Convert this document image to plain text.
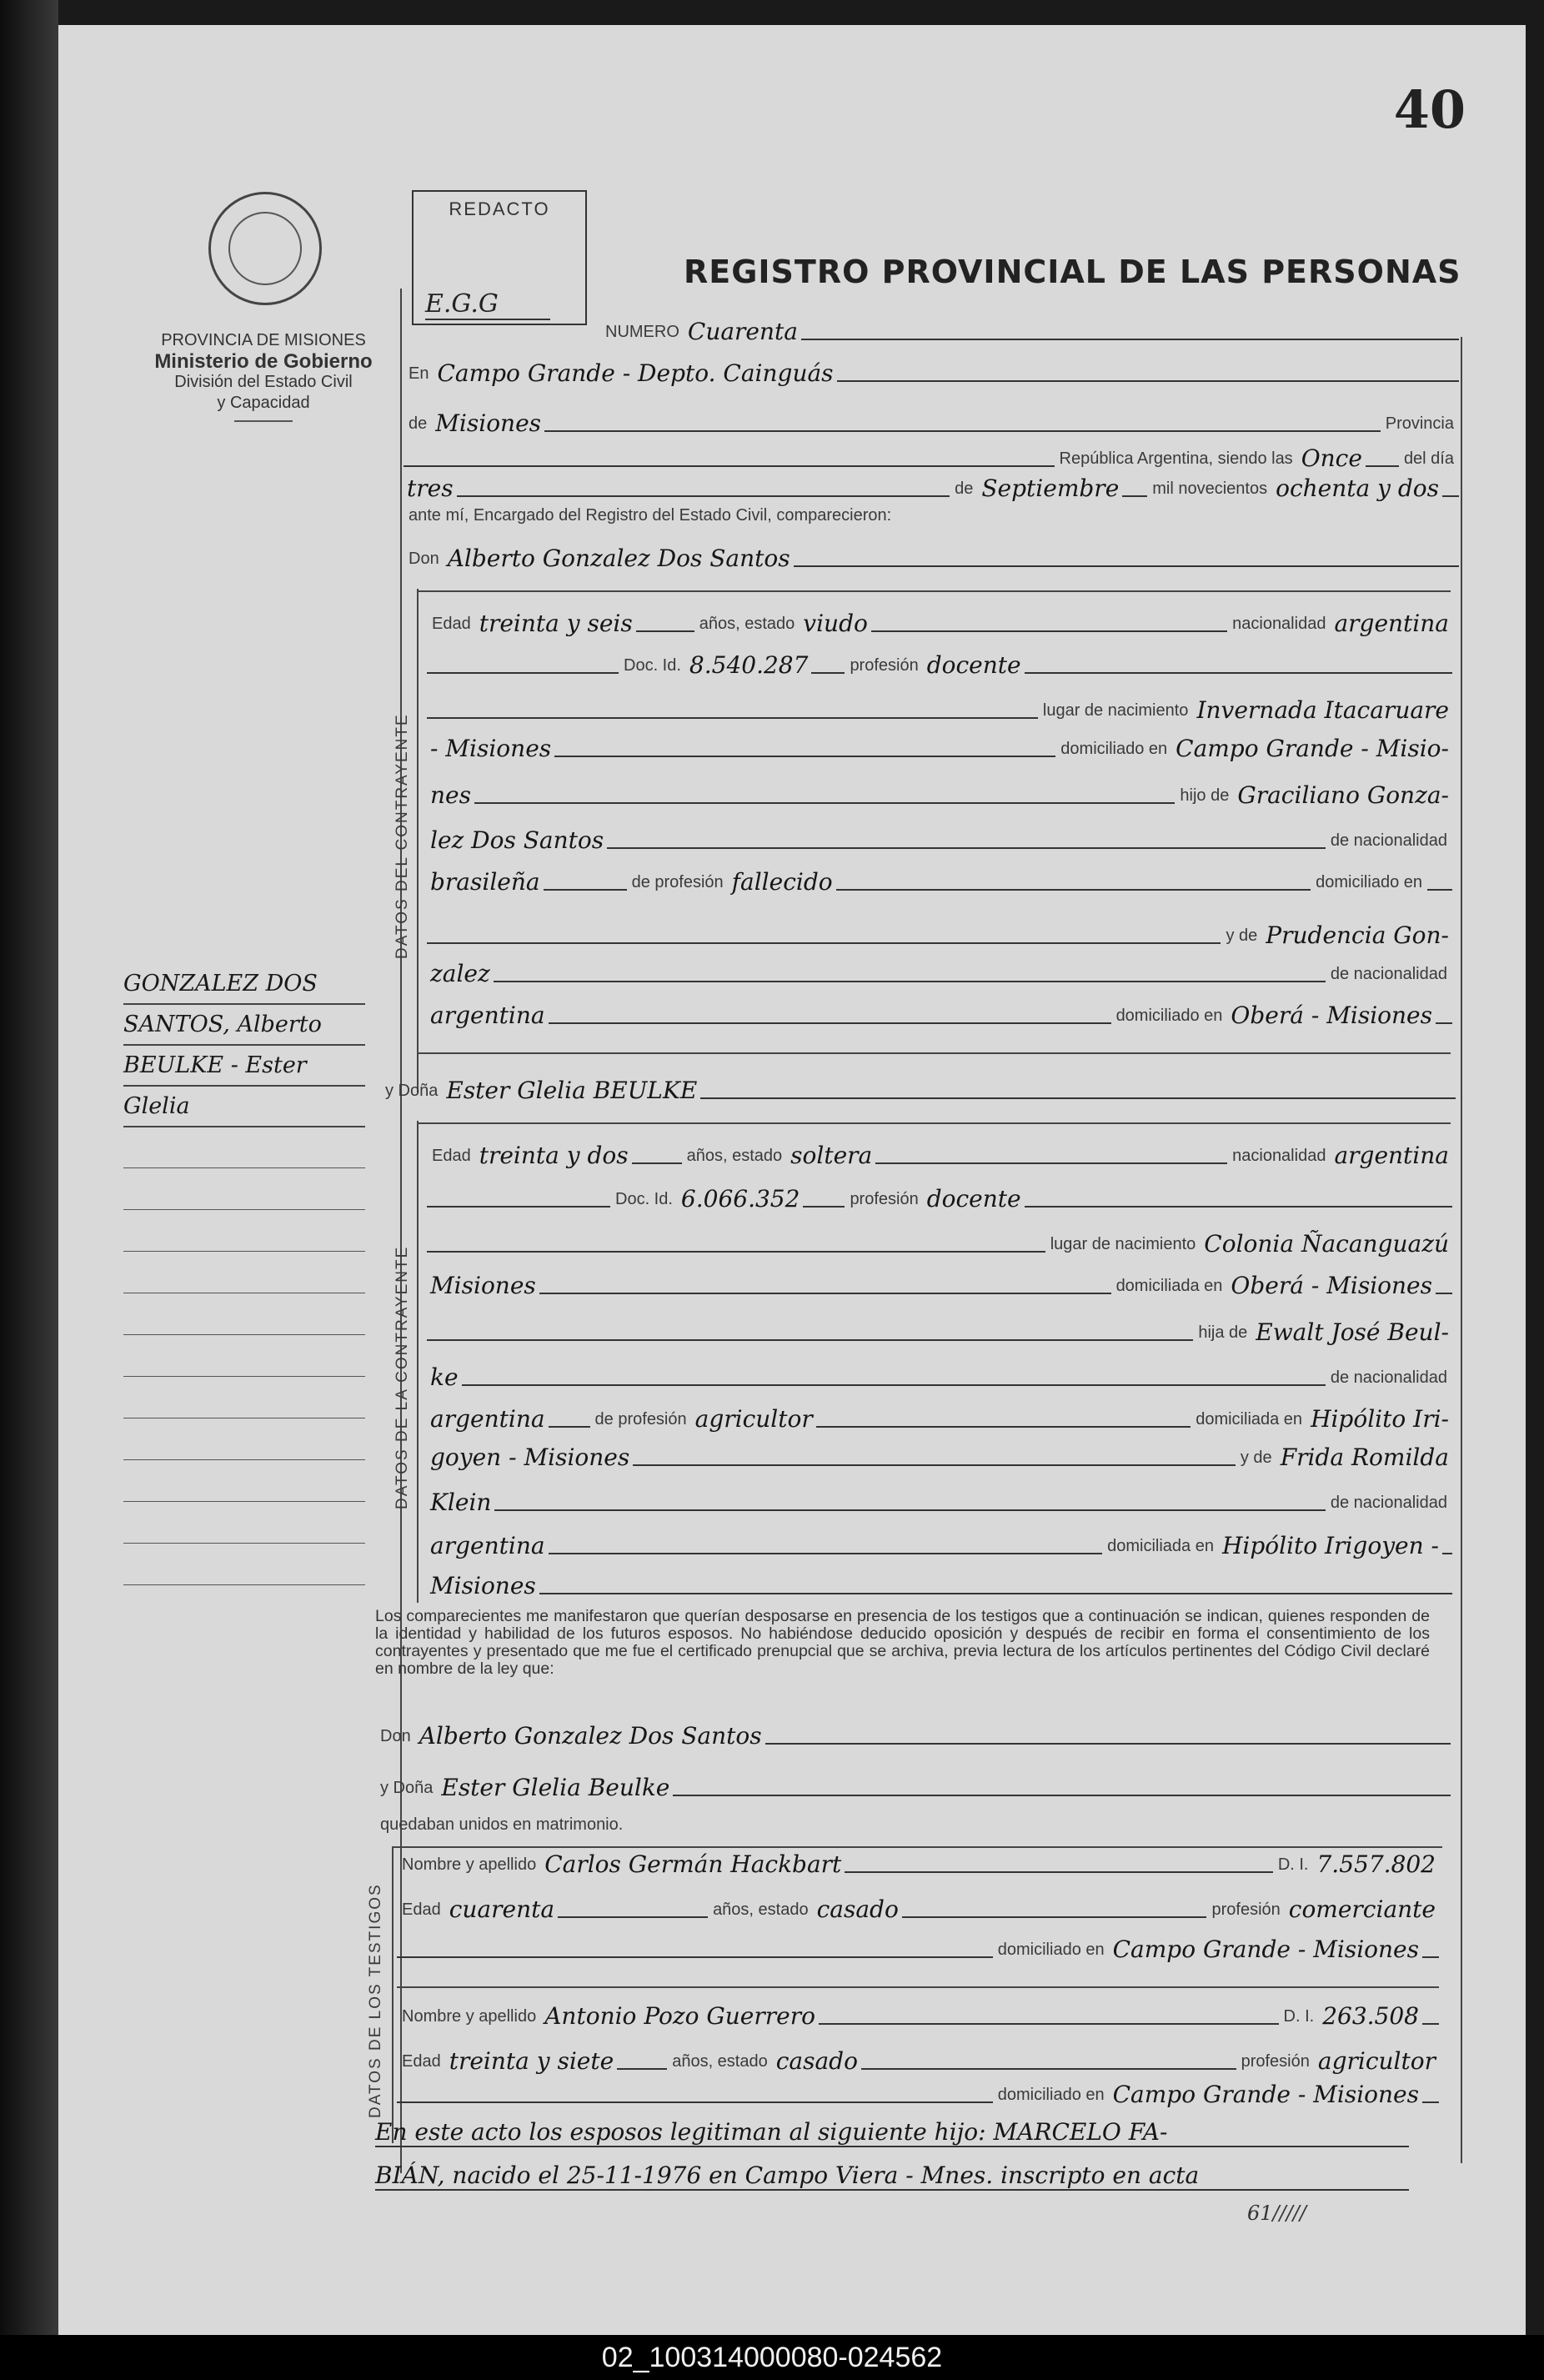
40
PROVINCIA DE MISIONES
Ministerio de Gobierno
División del Estado Civil
y Capacidad
REDACTO
E.G.G
REGISTRO PROVINCIAL DE LAS PERSONAS
NUMERO Cuarenta
En Campo Grande - Depto. Cainguás
de Misiones	Provincia
República Argentina, siendo las Once	del día
tres	de Septiembre mil novecientos ochenta y dos
ante mí, Encargado del Registro del Estado Civil, comparecieron:
Don Alberto Gonzalez Dos Santos
DATOS DEL CONTRAYENTE
Edad treinta y seis	años, estado viudo	nacionalidad argentina
Doc. Id. 8.540.287	profesión docente
lugar de nacimiento Invernada Itacaruare
- Misiones	domiciliado en Campo Grande - Misio-
nes	hijo de Graciliano Gonza-
lez Dos Santos	de nacionalidad
brasileña	de profesión fallecido	domiciliado en
y de Prudencia Gon-
zalez	de nacionalidad
argentina	domiciliado en Oberá - Misiones
GONZALEZ DOS
SANTOS, Alberto
BEULKE - Ester
Glelia
y Doña Ester Glelia BEULKE
DATOS DE LA CONTRAYENTE
Edad treinta y dos	años, estado soltera	nacionalidad argentina
Doc. Id. 6.066.352	profesión docente
lugar de nacimiento Colonia Ñacanguazú
Misiones	domiciliada en Oberá - Misiones
hija de Ewalt José Beul-
ke	de nacionalidad
argentina	de profesión agricultor	domiciliada en Hipólito Iri-
goyen - Misiones	y de Frida Romilda
Klein	de nacionalidad
argentina	domiciliada en Hipólito Irigoyen -
Misiones
Los comparecientes me manifestaron que querían desposarse en presencia de los testigos que a continuación se indican, quienes responden de la identidad y habilidad de los futuros esposos. No habiéndose deducido oposición y después de recibir en forma el consentimiento de los contrayentes y presentado que me fue el certificado prenupcial que se archiva, previa lectura de los artículos pertinentes del Código Civil declaré en nombre de la ley que:
Don Alberto Gonzalez Dos Santos
y Doña Ester Glelia Beulke
quedaban unidos en matrimonio.
DATOS DE LOS TESTIGOS
Nombre y apellido Carlos Germán Hackbart	D. I. 7.557.802
Edad cuarenta	años, estado casado	profesión comerciante
domiciliado en Campo Grande - Misiones
Nombre y apellido Antonio Pozo Guerrero	D. I. 263.508
Edad treinta y siete	años, estado casado	profesión agricultor
domiciliado en Campo Grande - Misiones
En este acto los esposos legitiman al siguiente hijo: MARCELO FA-
BIÁN, nacido el 25-11-1976 en Campo Viera - Mnes. inscripto en acta
61/////
02_100314000080-024562
